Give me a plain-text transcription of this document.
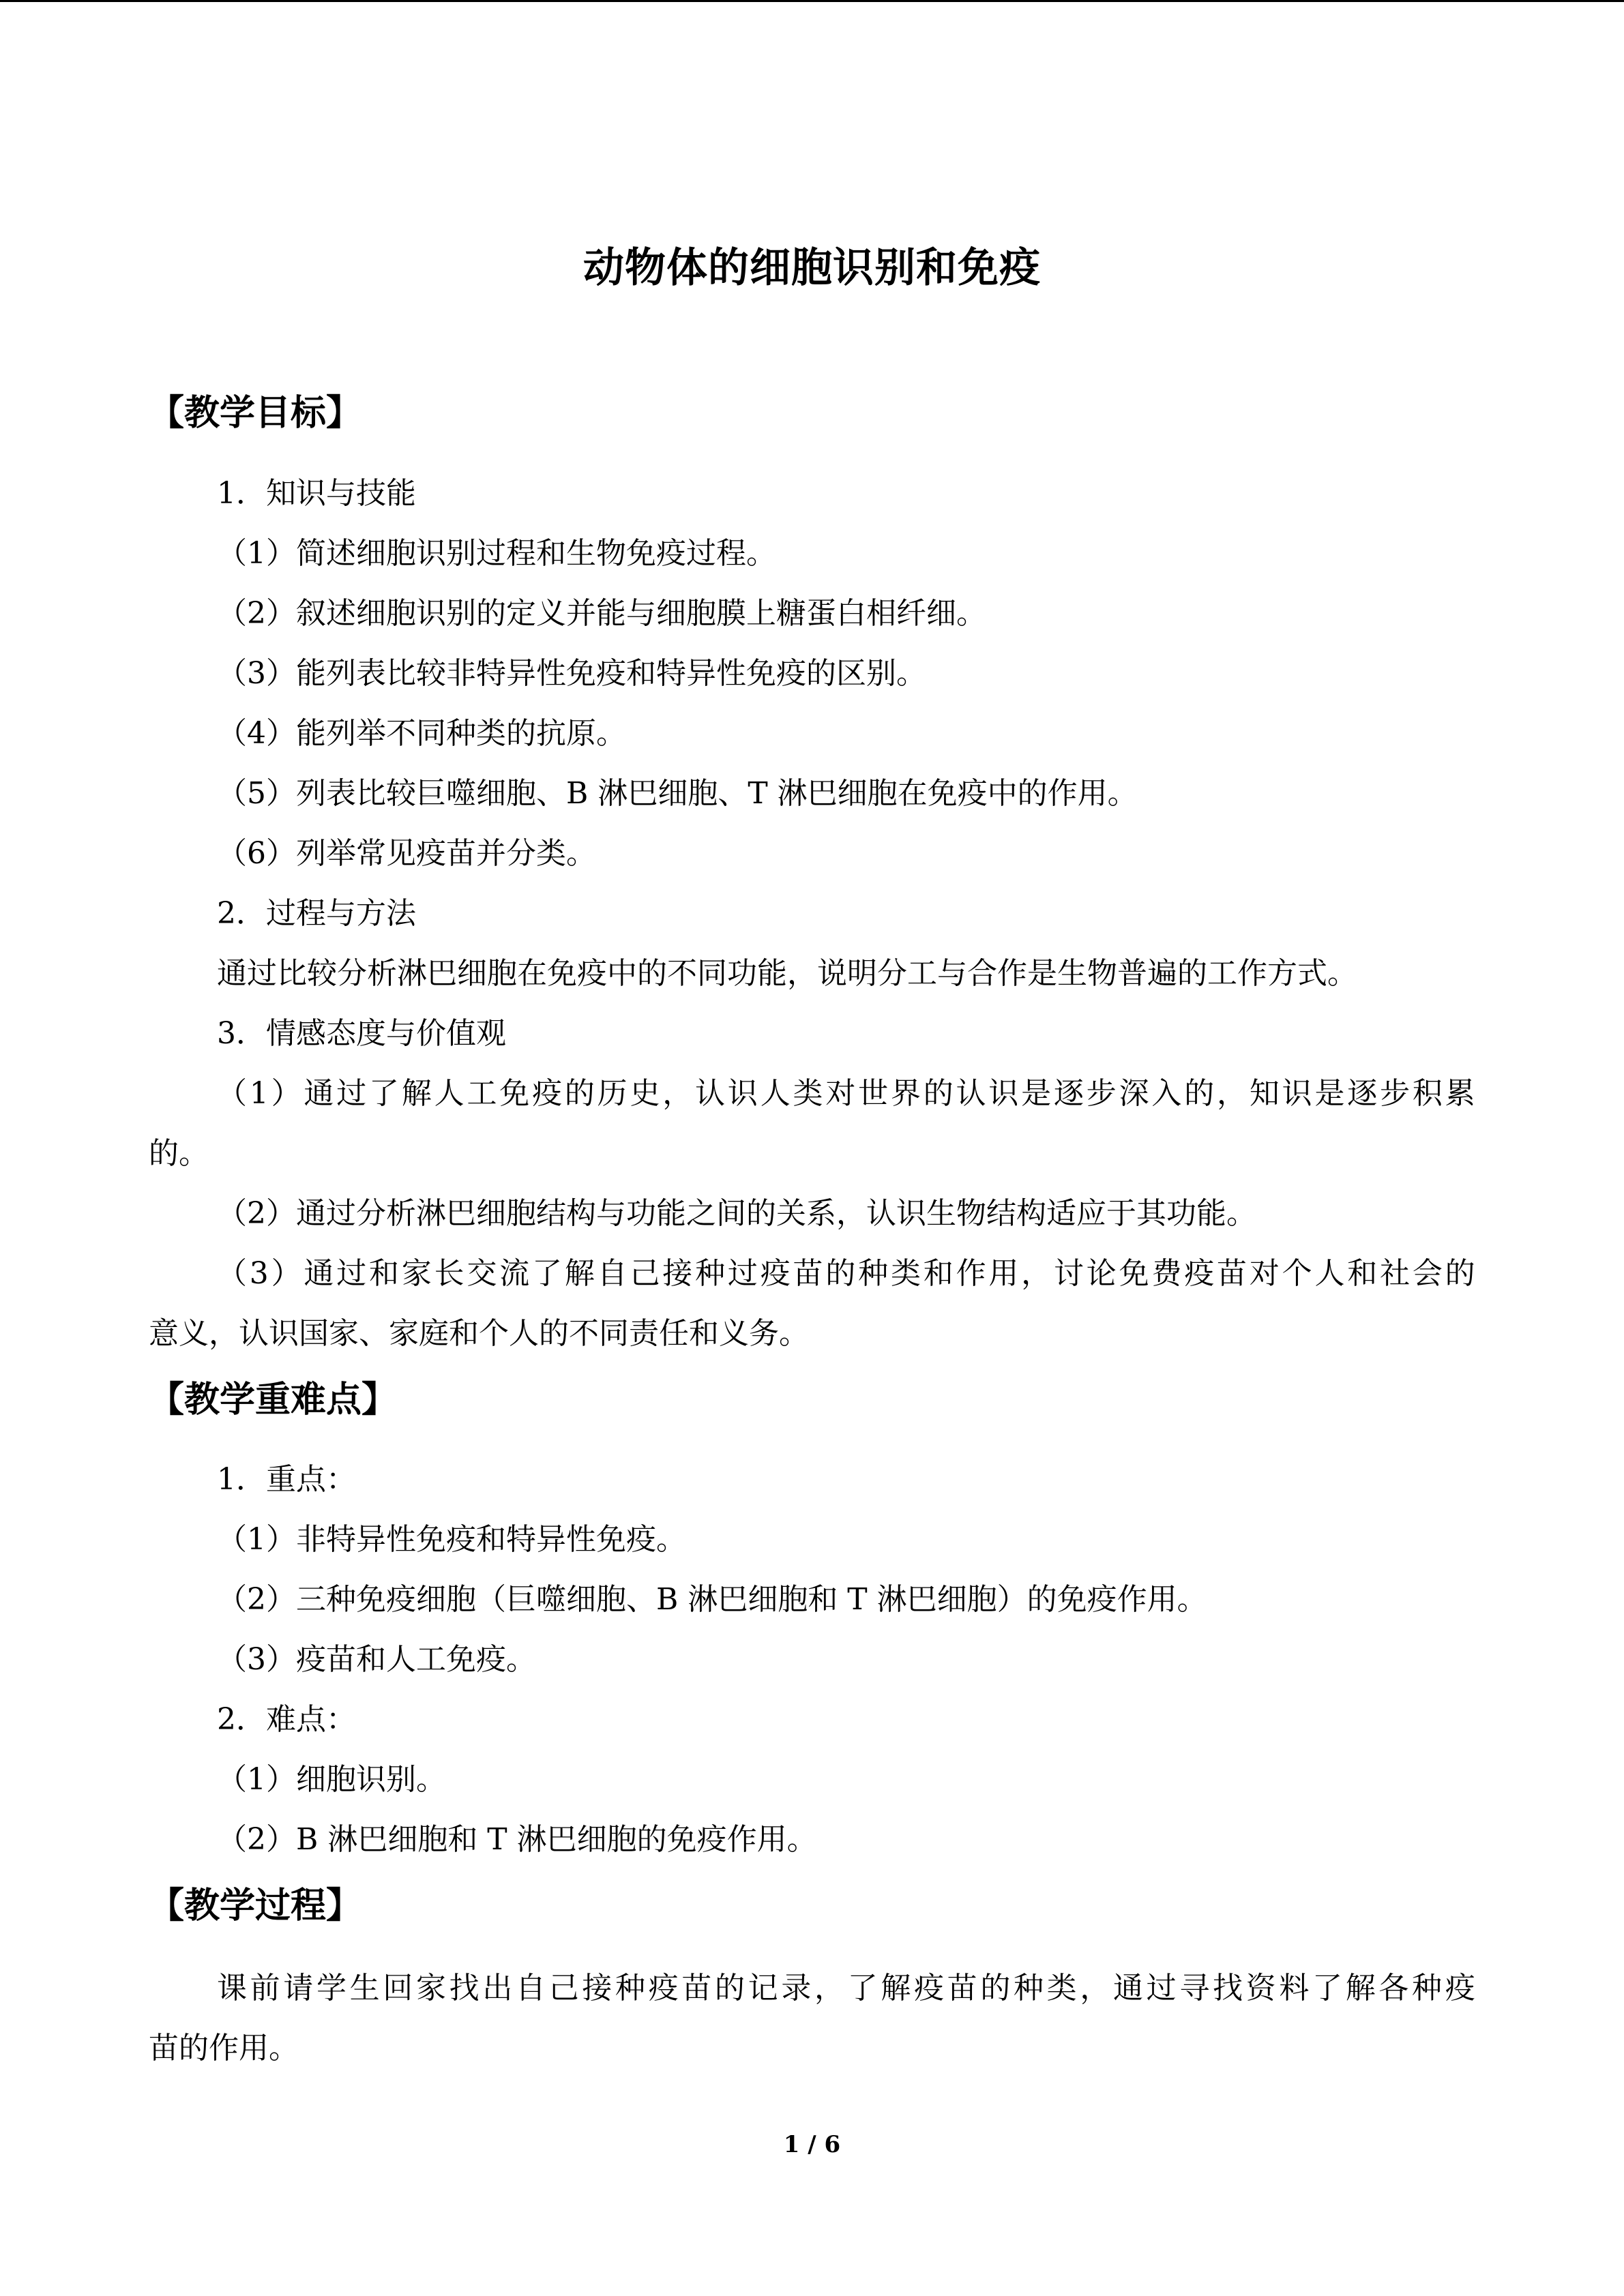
动物体的细胞识别和免疫
【教学目标】
1．知识与技能
（1）简述细胞识别过程和生物免疫过程。
（2）叙述细胞识别的定义并能与细胞膜上糖蛋白相纤细。
（3）能列表比较非特异性免疫和特异性免疫的区别。
（4）能列举不同种类的抗原。
（5）列表比较巨噬细胞、B 淋巴细胞、T 淋巴细胞在免疫中的作用。
（6）列举常见疫苗并分类。
2．过程与方法
通过比较分析淋巴细胞在免疫中的不同功能，说明分工与合作是生物普遍的工作方式。
3．情感态度与价值观
（1）通过了解人工免疫的历史，认识人类对世界的认识是逐步深入的，知识是逐步积累
的。
（2）通过分析淋巴细胞结构与功能之间的关系，认识生物结构适应于其功能。
（3）通过和家长交流了解自己接种过疫苗的种类和作用，讨论免费疫苗对个人和社会的
意义，认识国家、家庭和个人的不同责任和义务。
【教学重难点】
1．重点：
（1）非特异性免疫和特异性免疫。
（2）三种免疫细胞（巨噬细胞、B 淋巴细胞和 T 淋巴细胞）的免疫作用。
（3）疫苗和人工免疫。
2．难点：
（1）细胞识别。
（2）B 淋巴细胞和 T 淋巴细胞的免疫作用。
【教学过程】
课前请学生回家找出自己接种疫苗的记录，了解疫苗的种类，通过寻找资料了解各种疫
苗的作用。
1 / 6
